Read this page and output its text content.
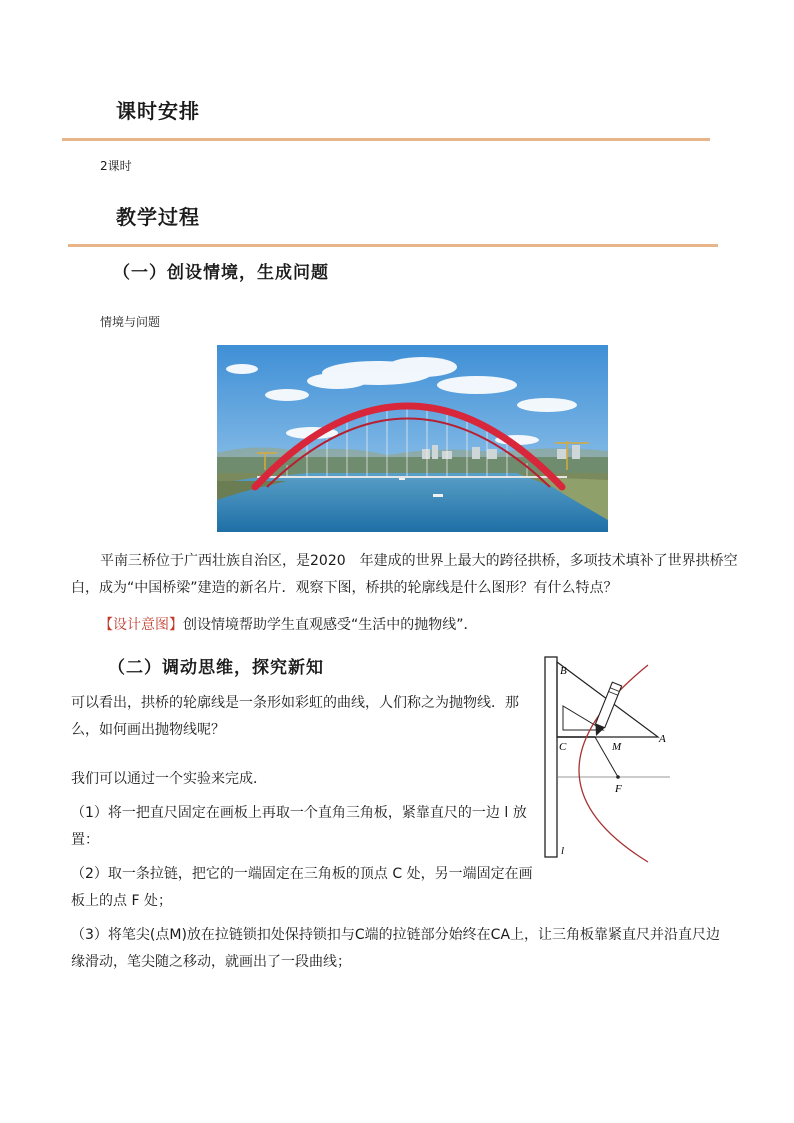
课时安排
2课时
教学过程
（一）创设情境，生成问题
情境与问题
平南三桥位于广西壮族自治区，是2020　年建成的世界上最大的跨径拱桥，多项技术填补了世界拱桥空
白，成为“中国桥梁”建造的新名片．观察下图，桥拱的轮廓线是什么图形？有什么特点？
【设计意图】创设情境帮助学生直观感受“生活中的抛物线”．
（二）调动思维，探究新知
可以看出，拱桥的轮廓线是一条形如彩虹的曲线，人们称之为抛物线．那
么，如何画出抛物线呢？
我们可以通过一个实验来完成．
（1）将一把直尺固定在画板上再取一个直角三角板，紧靠直尺的一边 l 放
置：
（2）取一条拉链，把它的一端固定在三角板的顶点 C 处，另一端固定在画
板上的点 F 处；
（3）将笔尖(点M)放在拉链锁扣处保持锁扣与C端的拉链部分始终在CA上，让三角板靠紧直尺并沿直尺边
缘滑动，笔尖随之移动，就画出了一段曲线；
B
C	M
A
F
l
